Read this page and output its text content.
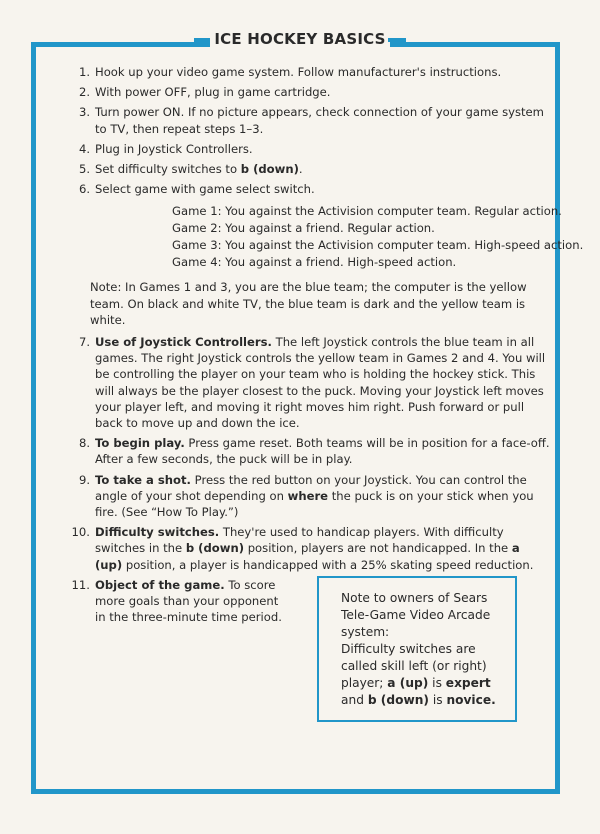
ICE HOCKEY BASICS
1. Hook up your video game system. Follow manufacturer's instructions.
2. With power OFF, plug in game cartridge.
3. Turn power ON. If no picture appears, check connection of your game system to TV, then repeat steps 1–3.
4. Plug in Joystick Controllers.
5. Set difficulty switches to b (down).
6. Select game with game select switch.
Game 1: You against the Activision computer team. Regular action.
Game 2: You against a friend. Regular action.
Game 3: You against the Activision computer team. High-speed action.
Game 4: You against a friend. High-speed action.
Note: In Games 1 and 3, you are the blue team; the computer is the yellow team. On black and white TV, the blue team is dark and the yellow team is white.
7. Use of Joystick Controllers. The left Joystick controls the blue team in all games. The right Joystick controls the yellow team in Games 2 and 4. You will be controlling the player on your team who is holding the hockey stick. This will always be the player closest to the puck. Moving your Joystick left moves your player left, and moving it right moves him right. Push forward or pull back to move up and down the ice.
8. To begin play. Press game reset. Both teams will be in position for a face-off. After a few seconds, the puck will be in play.
9. To take a shot. Press the red button on your Joystick. You can control the angle of your shot depending on where the puck is on your stick when you fire. (See “How To Play.”)
10. Difficulty switches. They're used to handicap players. With difficulty switches in the b (down) position, players are not handicapped. In the a (up) position, a player is handicapped with a 25% skating speed reduction.
11. Object of the game. To score more goals than your opponent in the three-minute time period.
Note to owners of Sears Tele-Game Video Arcade system:
Difficulty switches are called skill left (or right) player; a (up) is expert and b (down) is novice.
